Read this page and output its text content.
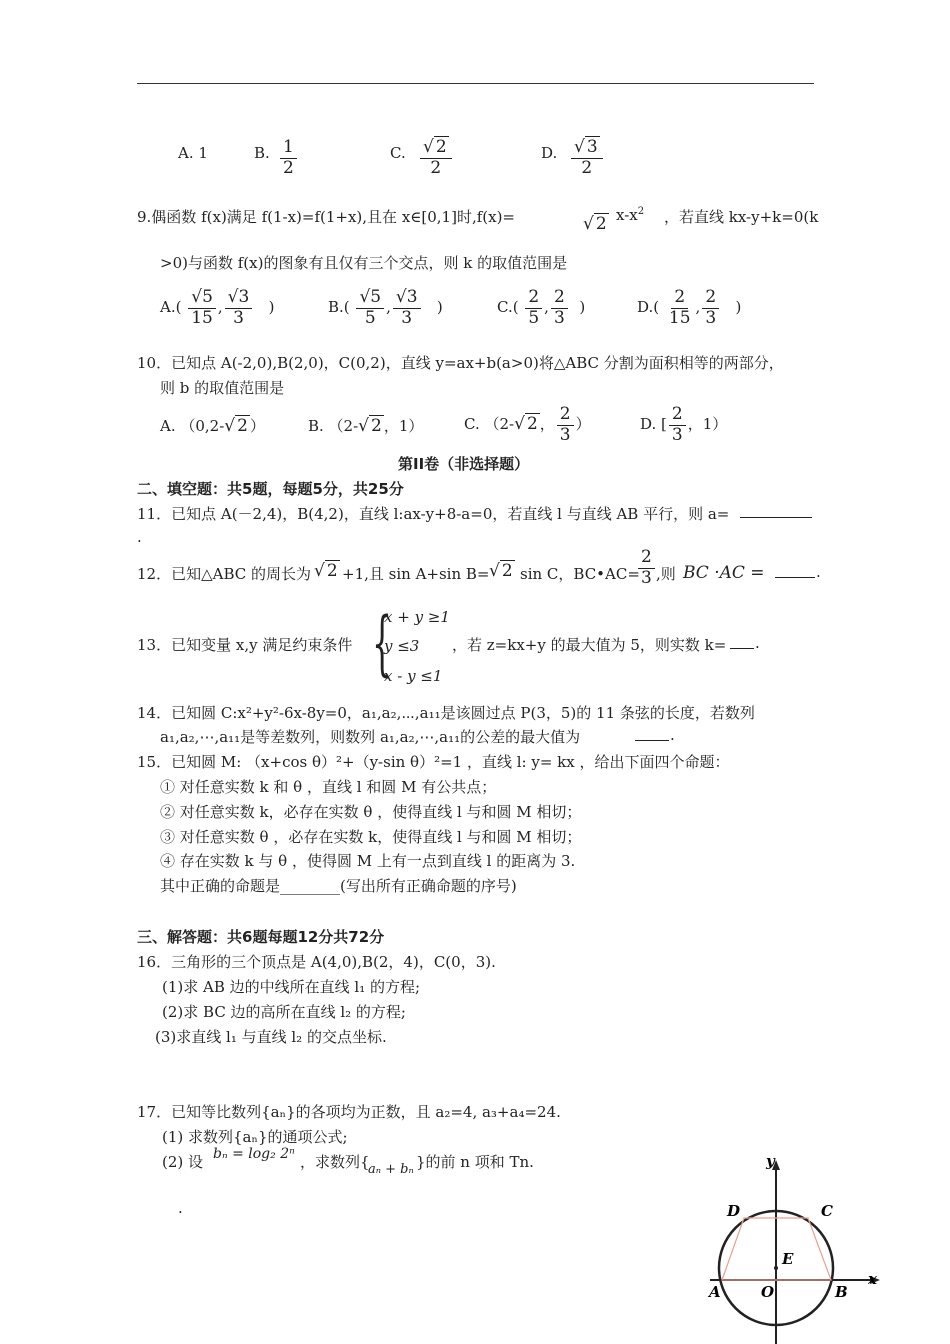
A. 1	B. $\frac{1}{2}$	C. $\frac{√ 2}{2}$	D. $\frac{√ 3}{2}$
9.偶函数 f(x)满足 f(1-x)=f(1+x),且在 x∈[0,1]时,f(x)=	√ 2 $x-x^2$ ，若直线 kx-y+k=0(k
>0)与函数 f(x)的图象有且仅有三个交点，则 k 的取值范围是
$A.( \frac{√5}{15}$ , $\frac{√3}{3}$ )	$B.( \frac{√5}{5}$ , $\frac{√3}{3}$ )	$C.( \frac{2}{5}$ , $\frac{2}{3}$ )	$D.( \frac{2}{15}$ , $\frac{2}{3}$ )
10．已知点 A(-2,0),B(2,0)，C(0,2)，直线 y=ax+b(a>0)将△ABC 分割为面积相等的两部分，
则 b 的取值范围是
A. （0,2-√ 2 ）	B. （2-√ 2 ，1）	C. （2-√ 2 ， $\frac{2}{3}$ ）	D. [ $\frac{2}{3}$ ，1）
第II卷（非选择题）
二、填空题：共5题，每题5分，共25分
11．已知点 A(－2,4)，B(4,2)，直线 l:ax-y+8-a=0，若直线 l 与直线 AB 平行，则 a=
.
12．已知△ABC 的周长为 √ 2 +1,且 sin A+sin B= √ 2 sin C，BC•AC=
$\frac{2}{3}$ ,则 BC ·AC =	.
13．已知变量 x,y 满足约束条件 {
x + y ≥1
y ≤3
x - y ≤1
，若 z=kx+y 的最大值为 5，则实数 k= .
14．已知圆 C:x²+y²-6x-8y=0，a₁,a₂,⋯,a₁₁是该圆过点 P(3，5)的 11 条弦的长度，若数列
a₁,a₂,⋯,a₁₁是等差数列，则数列 a₁,a₂,⋯,a₁₁的公差的最大值为	.
15．已知圆 M: （x+cos θ）²+（y-sin θ）²=1 ，直线 l: y= kx ，给出下面四个命题：
① 对任意实数 k 和 θ ，直线 l 和圆 M 有公共点；
② 对任意实数 k，必存在实数 θ ，使得直线 l 与和圆 M 相切；
③ 对任意实数 θ ，必存在实数 k，使得直线 l 与和圆 M 相切；
④ 存在实数 k 与 θ ，使得圆 M 上有一点到直线 l 的距离为 3.
其中正确的命题是________(写出所有正确命题的序号)
三、解答题：共6题每题12分共72分
16．三角形的三个顶点是 A(4,0),B(2，4)，C(0，3).
(1)求 AB 边的中线所在直线 l₁ 的方程;
(2)求 BC 边的高所在直线 l₂ 的方程;
(3)求直线 l₁ 与直线 l₂ 的交点坐标.
17．已知等比数列{aₙ}的各项均为正数，且 a₂=4, a₃+a₄=24.
(1) 求数列{aₙ}的通项公式;
(2) 设 bₙ = log₂ 2ⁿ ，求数列{
aₙ + bₙ }的前 n 项和 Tn.
.
y
x
D	C
E
A	O	B
